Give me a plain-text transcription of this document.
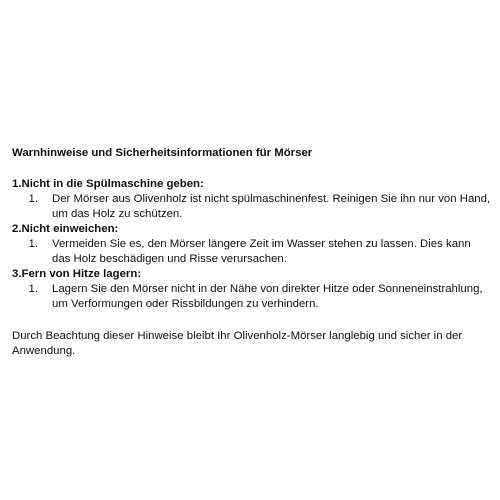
Warnhinweise und Sicherheitsinformationen für Mörser

1.Nicht in die Spülmaschine geben:

1.	Der Mörser aus Olivenholz ist nicht spülmaschinenfest. Reinigen Sie ihn nur von Hand, um das Holz zu schützen.

2.Nicht einweichen:

1.	Vermeiden Sie es, den Mörser längere Zeit im Wasser stehen zu lassen. Dies kann das Holz beschädigen und Risse verursachen.

3.Fern von Hitze lagern:

1.	Lagern Sie den Mörser nicht in der Nähe von direkter Hitze oder Sonneneinstrahlung, um Verformungen oder Rissbildungen zu verhindern.

Durch Beachtung dieser Hinweise bleibt Ihr Olivenholz-Mörser langlebig und sicher in der Anwendung.
